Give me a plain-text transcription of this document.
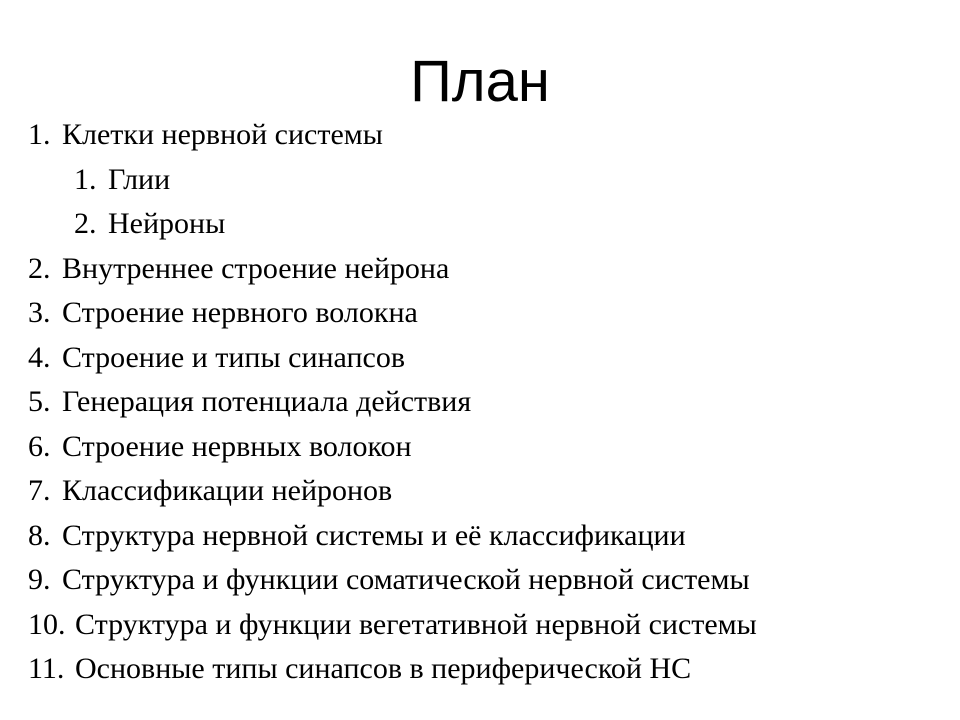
План
1. Клетки нервной системы
1. Глии
2. Нейроны
2. Внутреннее строение нейрона
3. Строение нервного волокна
4. Строение и типы синапсов
5. Генерация потенциала действия
6. Строение нервных волокон
7. Классификации нейронов
8. Структура нервной системы и её классификации
9. Структура и функции соматической нервной системы
10. Структура и функции вегетативной нервной системы
11. Основные типы синапсов в периферической НС
